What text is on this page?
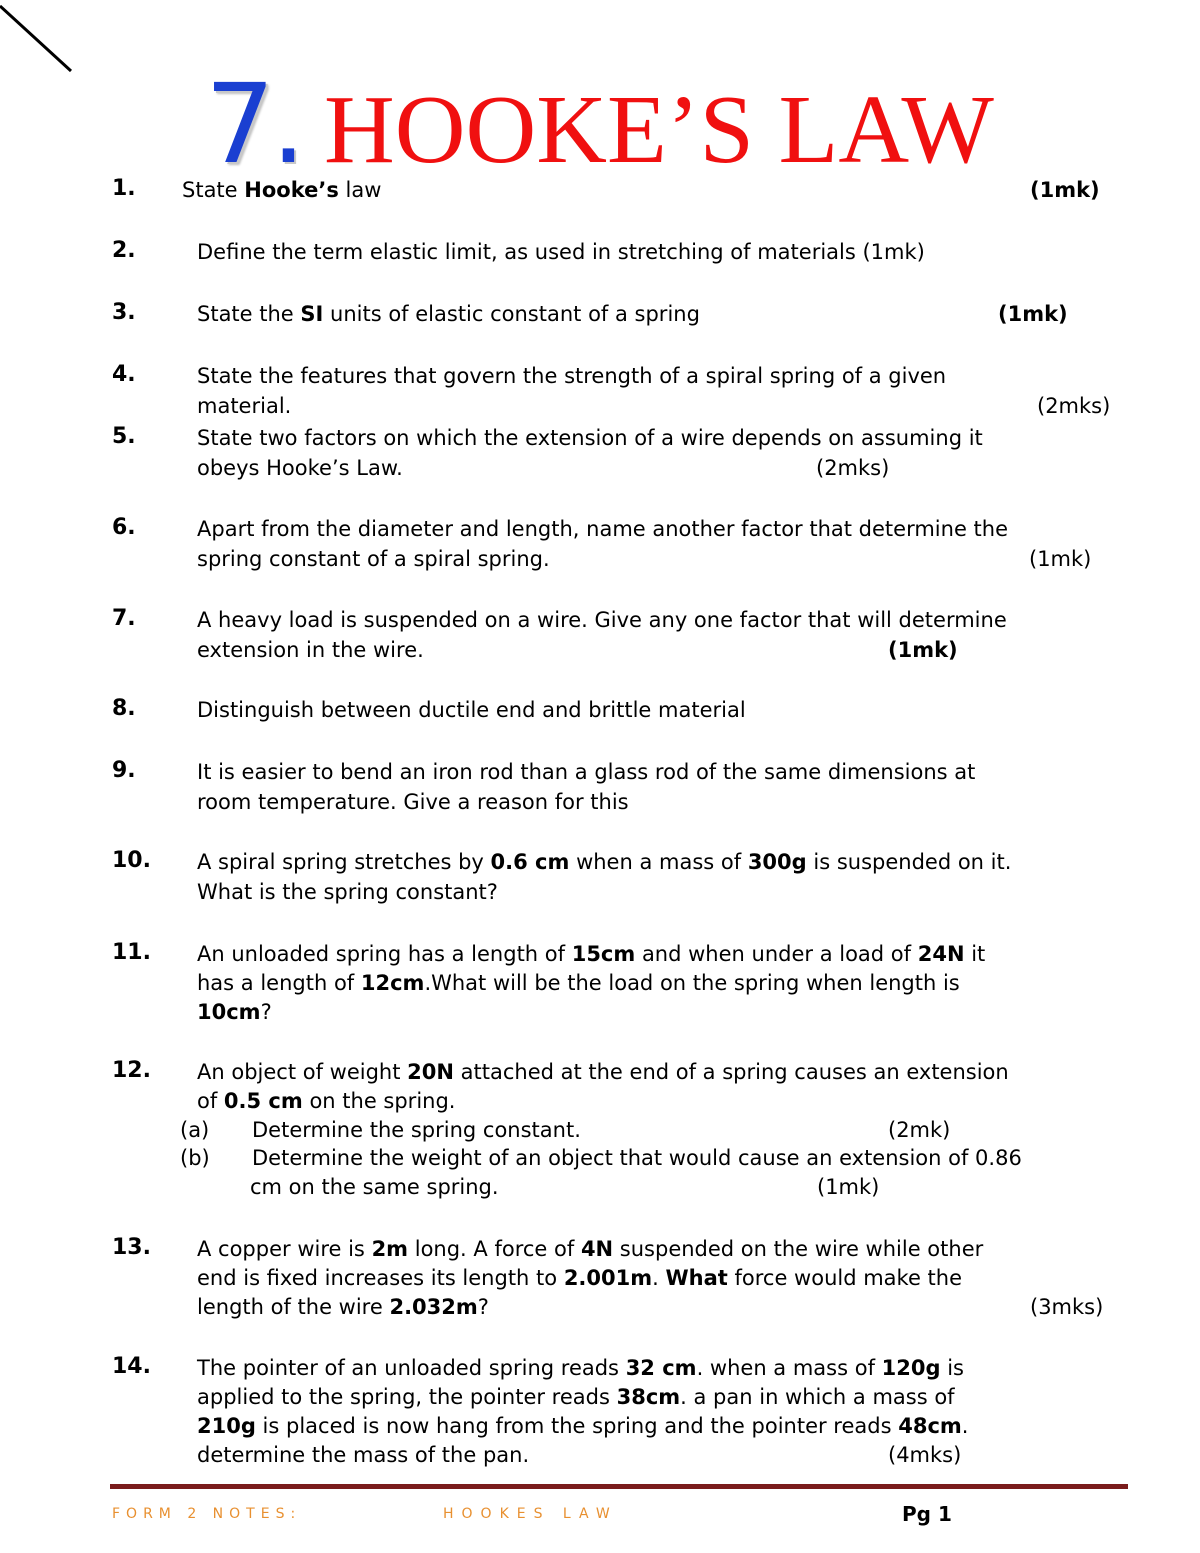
7. HOOKE’S LAW
1. State Hooke’s law	(1mk)
2.	Define the term elastic limit, as used in stretching of materials (1mk)
3.	State the SI units of elastic constant of a spring	(1mk)
4.	State the features that govern the strength of a spiral spring of a given
material.	(2mks)
5.	State two factors on which the extension of a wire depends on assuming it
obeys Hooke’s Law.	(2mks)
6.	Apart from the diameter and length, name another factor that determine the
spring constant of a spiral spring.	(1mk)
7.	A heavy load is suspended on a wire. Give any one factor that will determine
extension in the wire.	(1mk)
8.	Distinguish between ductile end and brittle material
9.	It is easier to bend an iron rod than a glass rod of the same dimensions at
room temperature. Give a reason for this
10. A spiral spring stretches by 0.6 cm when a mass of 300g is suspended on it.
What is the spring constant?
11. An unloaded spring has a length of 15cm and when under a load of 24N it
has a length of 12cm.What will be the load on the spring when length is
10cm?
12. An object of weight 20N attached at the end of a spring causes an extension
of 0.5 cm on the spring.
(a) Determine the spring constant.	(2mk)
(b) Determine the weight of an object that would cause an extension of 0.86
cm on the same spring.	(1mk)
13. A copper wire is 2m long. A force of 4N suspended on the wire while other
end is fixed increases its length to 2.001m. What force would make the
length of the wire 2.032m?	(3mks)
14. The pointer of an unloaded spring reads 32 cm. when a mass of 120g is
applied to the spring, the pointer reads 38cm. a pan in which a mass of
210g is placed is now hang from the spring and the pointer reads 48cm.
determine the mass of the pan.	(4mks)
FORM 2 NOTES:	HOOKES LAW	Pg 1
